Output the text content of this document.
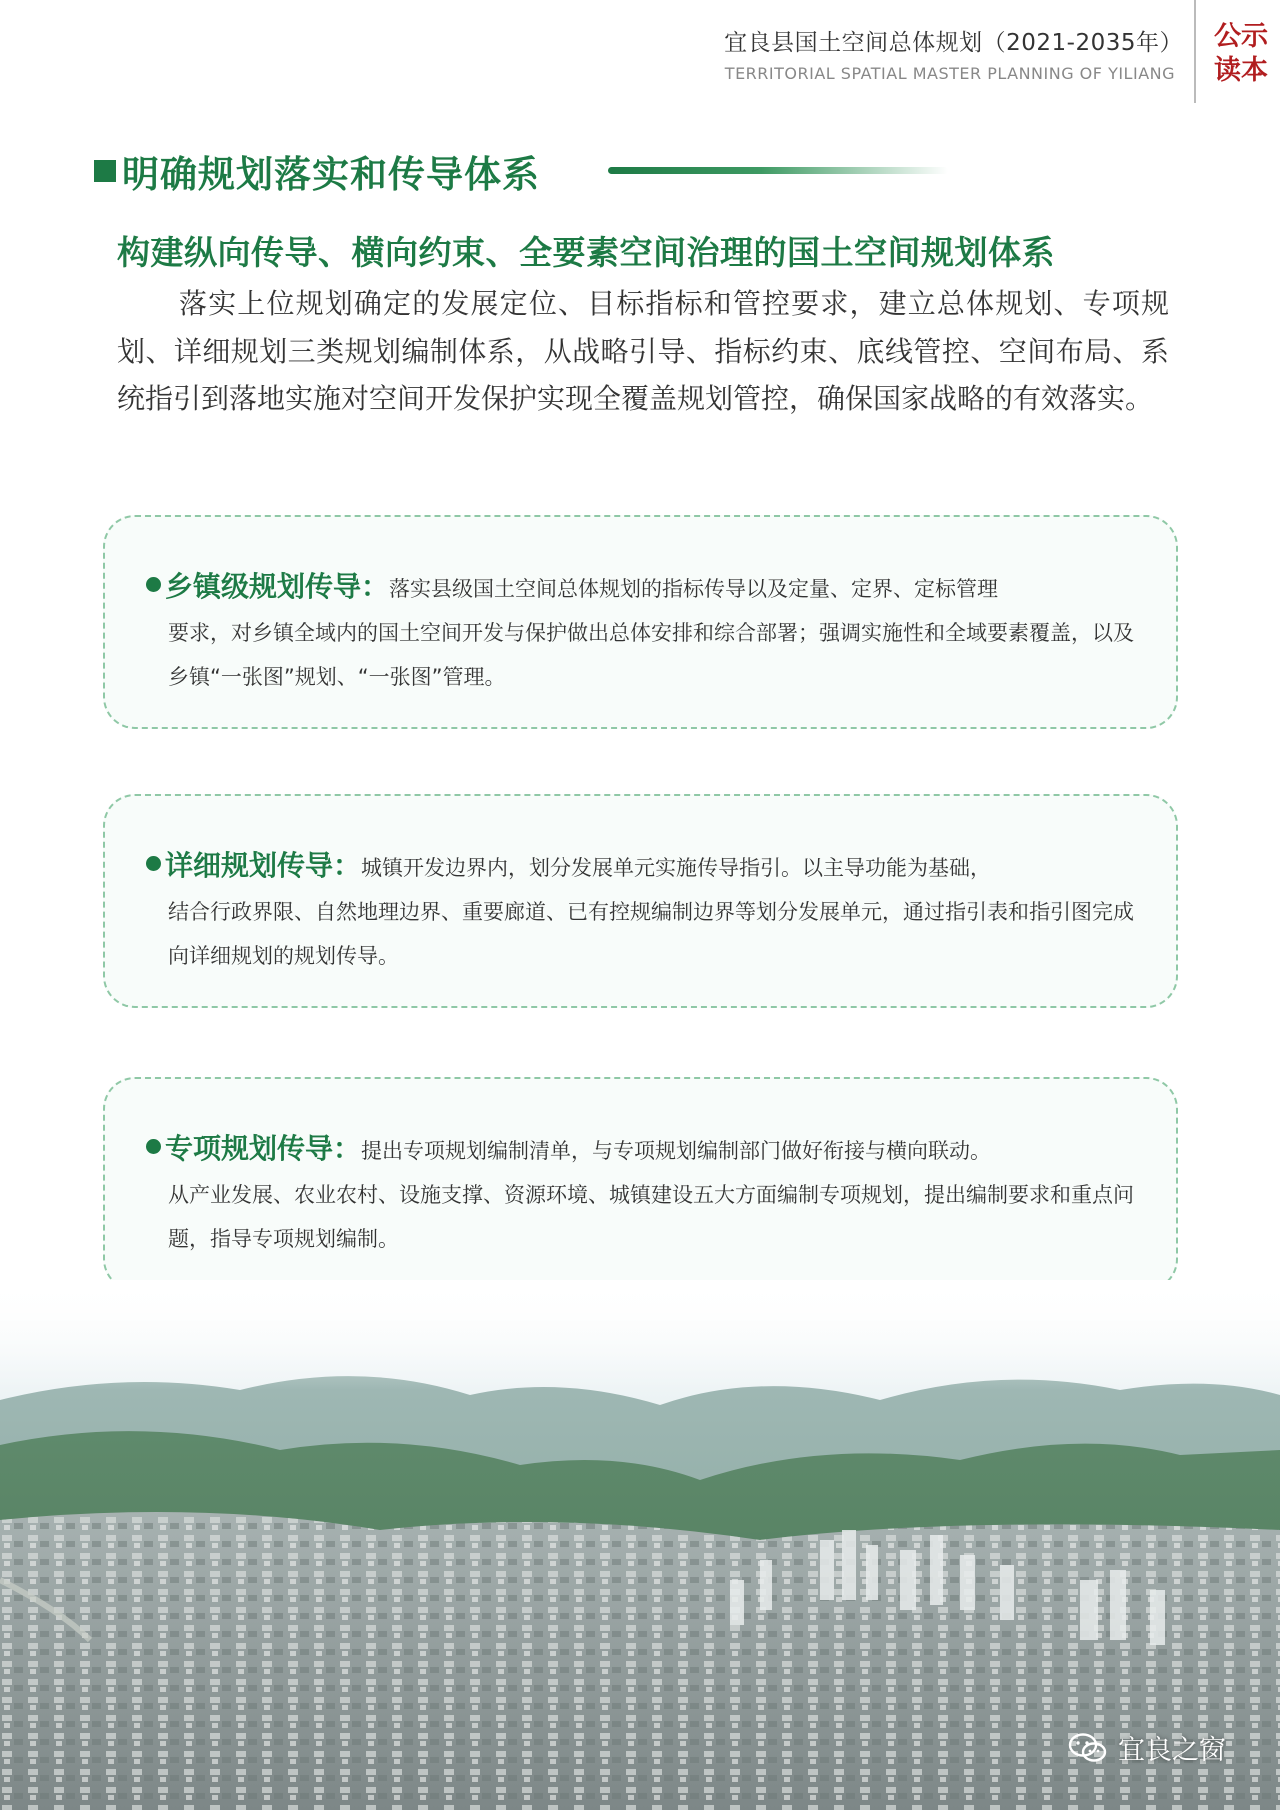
宜良县国土空间总体规划（2021-2035年）
TERRITORIAL SPATIAL MASTER PLANNING OF YILIANG
公示
读本
明确规划落实和传导体系
构建纵向传导、横向约束、全要素空间治理的国土空间规划体系
落实上位规划确定的发展定位、目标指标和管控要求，建立总体规划、专项规划、详细规划三类规划编制体系，从战略引导、指标约束、底线管控、空间布局、系统指引到落地实施对空间开发保护实现全覆盖规划管控，确保国家战略的有效落实。
乡镇级规划传导：落实县级国土空间总体规划的指标传导以及定量、定界、定标管理
要求，对乡镇全域内的国土空间开发与保护做出总体安排和综合部署；强调实施性和全域要素覆盖，以及乡镇“一张图”规划、“一张图”管理。
详细规划传导：城镇开发边界内，划分发展单元实施传导指引。以主导功能为基础，
结合行政界限、自然地理边界、重要廊道、已有控规编制边界等划分发展单元，通过指引表和指引图完成向详细规划的规划传导。
专项规划传导：提出专项规划编制清单，与专项规划编制部门做好衔接与横向联动。
从产业发展、农业农村、设施支撑、资源环境、城镇建设五大方面编制专项规划，提出编制要求和重点问题，指导专项规划编制。
宜良之窗
